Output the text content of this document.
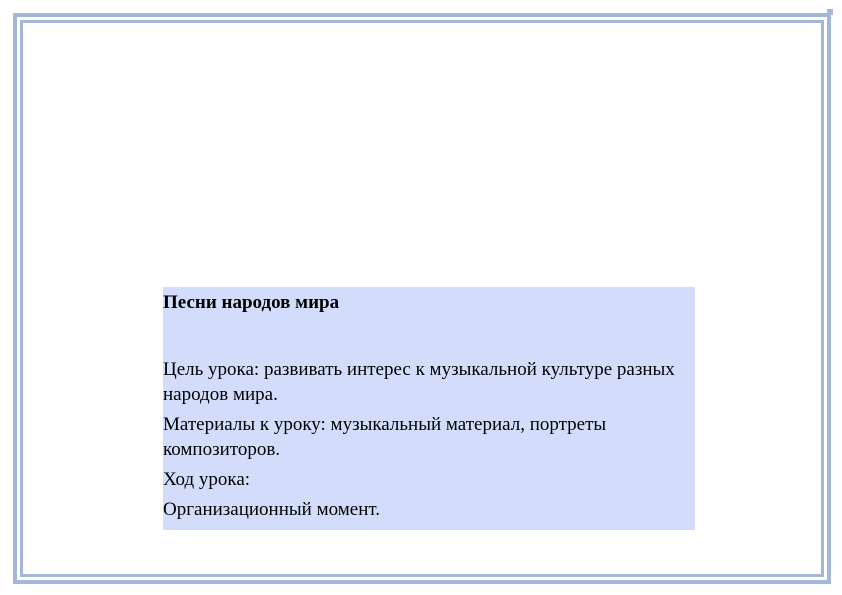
Песни народов мира

Цель урока: развивать интерес к музыкальной культуре разных народов мира.

Материалы к уроку: музыкальный материал, портреты композиторов.

Ход урока:

Организационный момент.
